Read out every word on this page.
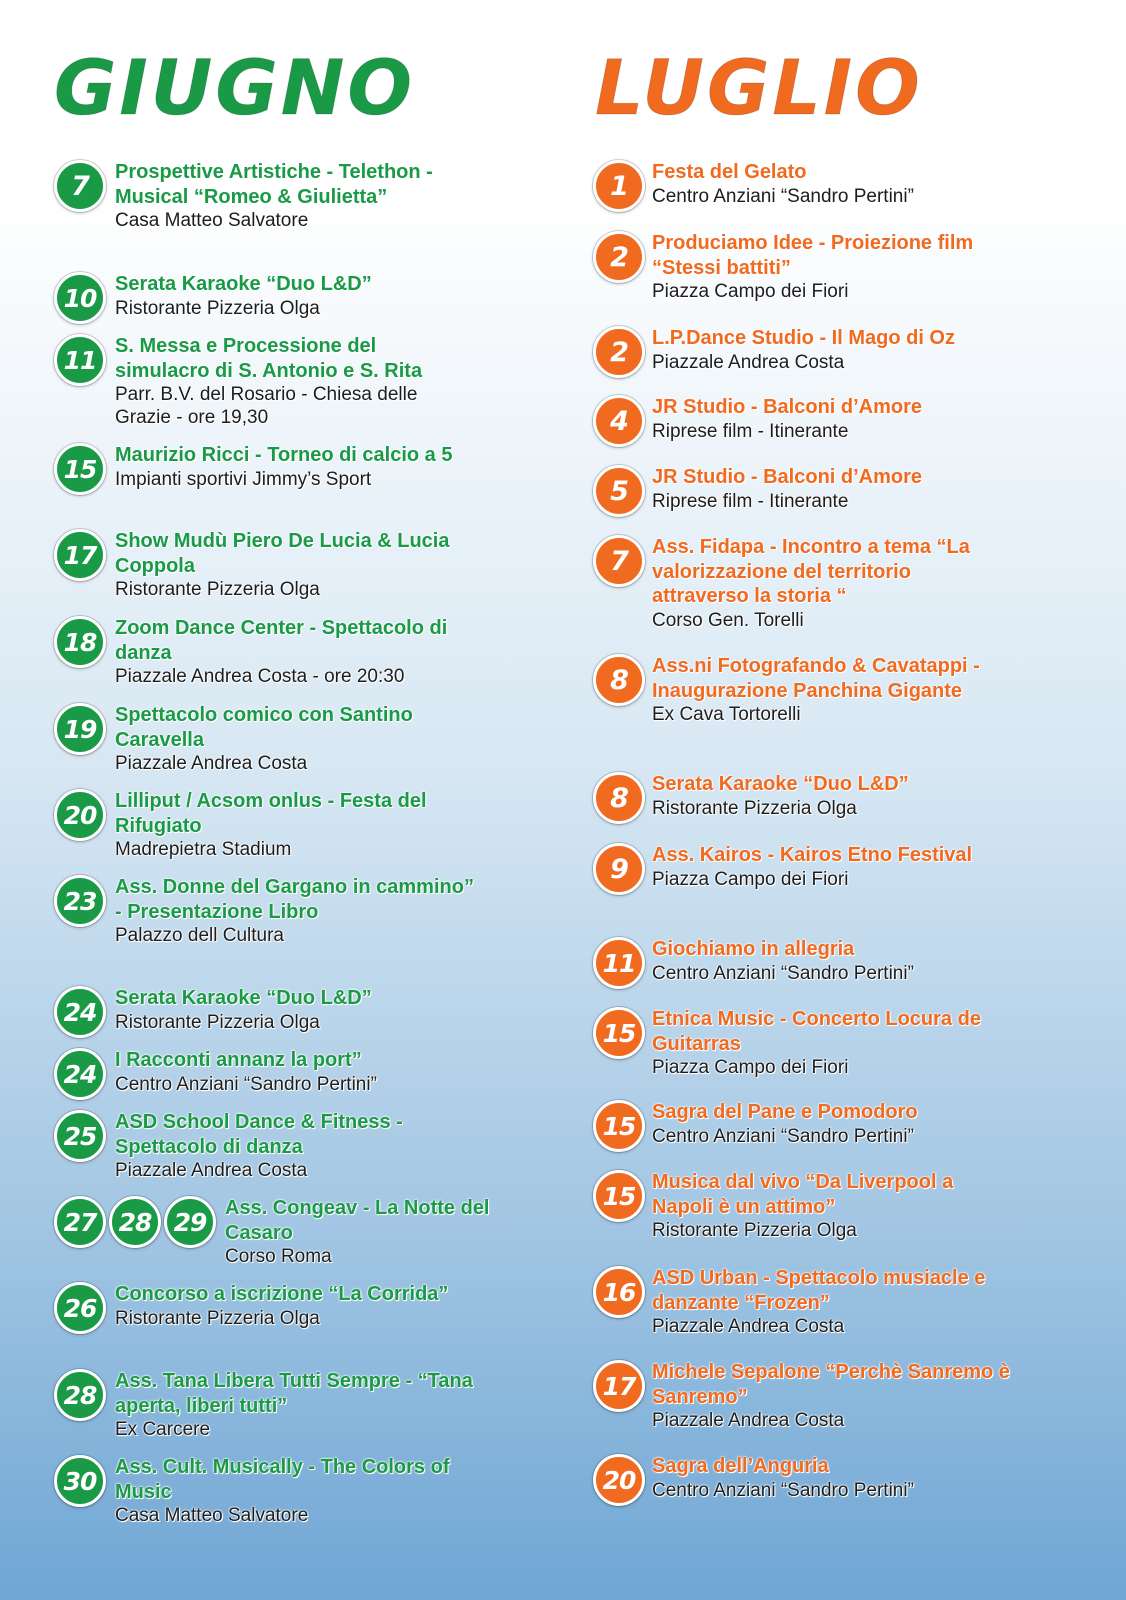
GIUGNO
7	Prospettive Artistiche - Telethon - Musical “Romeo & Giulietta”
Casa Matteo Salvatore
10 Serata Karaoke “Duo L&D”
Ristorante Pizzeria Olga
11 S. Messa e Processione del simulacro di S. Antonio e S. Rita
Parr. B.V. del Rosario - Chiesa delle Grazie - ore 19,30
15 Maurizio Ricci - Torneo di calcio a 5
Impianti sportivi Jimmy’s Sport
17 Show Mudù Piero De Lucia & Lucia Coppola
Ristorante Pizzeria Olga
18 Zoom Dance Center - Spettacolo di danza
Piazzale Andrea Costa - ore 20:30
19 Spettacolo comico con Santino Caravella
Piazzale Andrea Costa
20 Lilliput / Acsom onlus - Festa del Rifugiato
Madrepietra Stadium
23 Ass. Donne del Gargano in cammino” - Presentazione Libro
Palazzo dell Cultura
24 Serata Karaoke “Duo L&D”
Ristorante Pizzeria Olga
24 I Racconti annanz la port”
Centro Anziani “Sandro Pertini”
25 ASD School Dance & Fitness - Spettacolo di danza
Piazzale Andrea Costa
27 28 29 Ass. Congeav - La Notte del Casaro
Corso Roma
26 Concorso a iscrizione “La Corrida”
Ristorante Pizzeria Olga
28 Ass. Tana Libera Tutti Sempre - “Tana aperta, liberi tutti”
Ex Carcere
30 Ass. Cult. Musically - The Colors of Music
Casa Matteo Salvatore
LUGLIO
1	Festa del Gelato
Centro Anziani “Sandro Pertini”
2	Produciamo Idee - Proiezione film “Stessi battiti”
Piazza Campo dei Fiori
2	L.P.Dance Studio - Il Mago di Oz
Piazzale Andrea Costa
4	JR Studio - Balconi d’Amore
Riprese film - Itinerante
5	JR Studio - Balconi d’Amore
Riprese film - Itinerante
7	Ass. Fidapa - Incontro a tema “La valorizzazione del territorio attraverso la storia “
Corso Gen. Torelli
8	Ass.ni Fotografando & Cavatappi - Inaugurazione Panchina Gigante
Ex Cava Tortorelli
8	Serata Karaoke “Duo L&D”
Ristorante Pizzeria Olga
9	Ass. Kairos - Kairos Etno Festival
Piazza Campo dei Fiori
11 Giochiamo in allegria
Centro Anziani “Sandro Pertini”
15 Etnica Music - Concerto Locura de Guitarras
Piazza Campo dei Fiori
15 Sagra del Pane e Pomodoro
Centro Anziani “Sandro Pertini”
15 Musica dal vivo “Da Liverpool a Napoli è un attimo”
Ristorante Pizzeria Olga
16 ASD Urban - Spettacolo musiacle e danzante “Frozen”
Piazzale Andrea Costa
17 Michele Sepalone “Perchè Sanremo è Sanremo”
Piazzale Andrea Costa
20 Sagra dell’Anguria
Centro Anziani “Sandro Pertini”
